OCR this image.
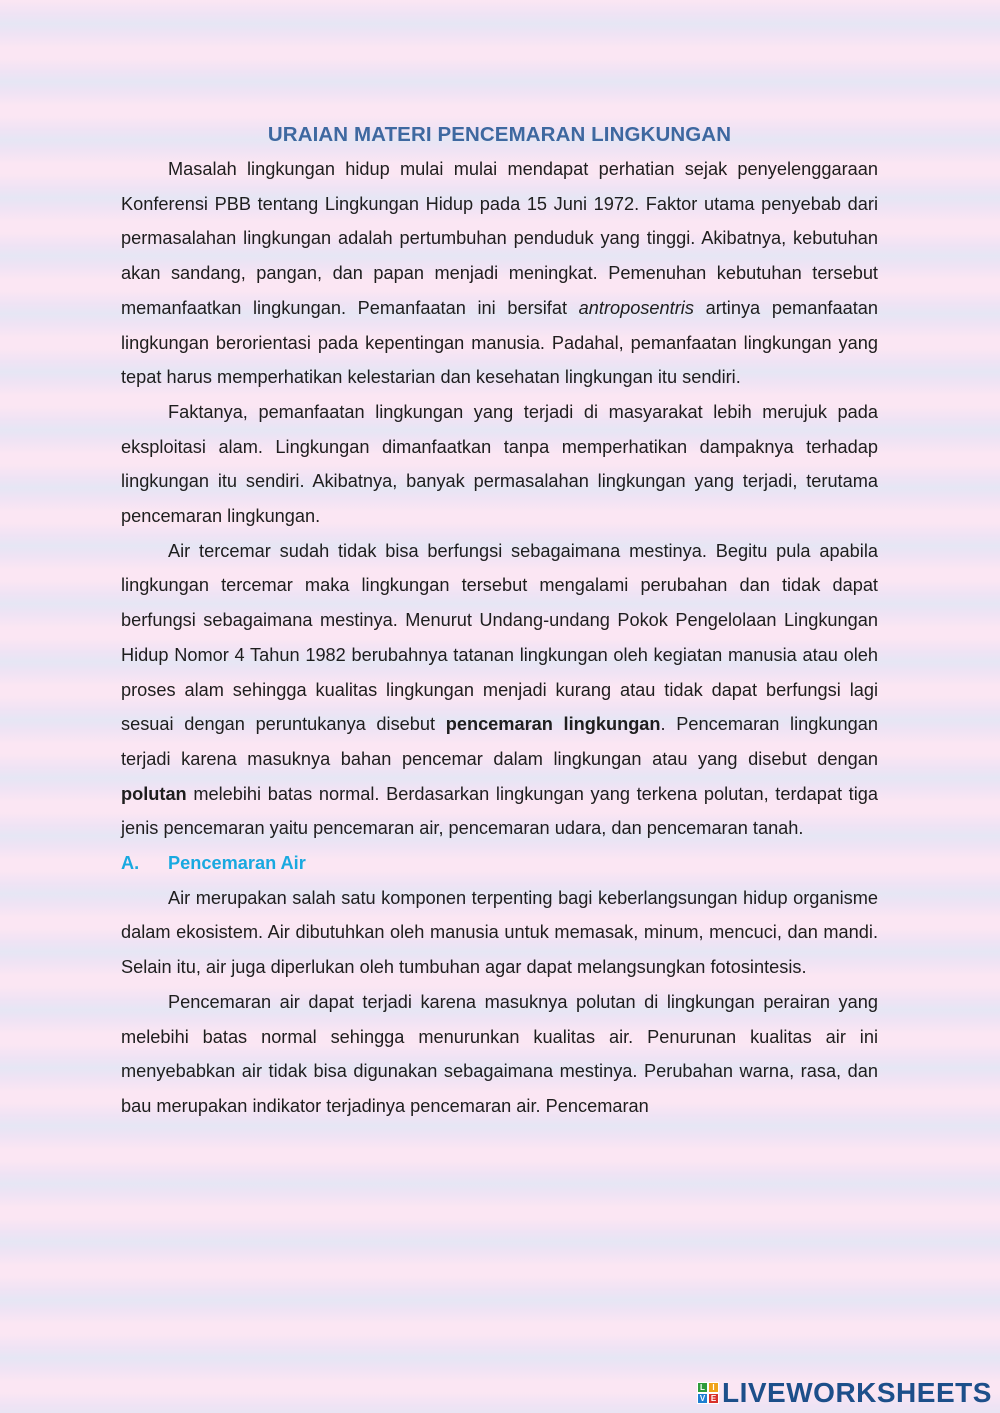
URAIAN MATERI PENCEMARAN LINGKUNGAN

Masalah lingkungan hidup mulai mulai mendapat perhatian sejak penyelenggaraan Konferensi PBB tentang Lingkungan Hidup pada 15 Juni 1972. Faktor utama penyebab dari permasalahan lingkungan adalah pertumbuhan penduduk yang tinggi. Akibatnya, kebutuhan akan sandang, pangan, dan papan menjadi meningkat. Pemenuhan kebutuhan tersebut memanfaatkan lingkungan. Pemanfaatan ini bersifat antroposentris artinya pemanfaatan lingkungan berorientasi pada kepentingan manusia. Padahal, pemanfaatan lingkungan yang tepat harus memperhatikan kelestarian dan kesehatan lingkungan itu sendiri.

Faktanya, pemanfaatan lingkungan yang terjadi di masyarakat lebih merujuk pada eksploitasi alam. Lingkungan dimanfaatkan tanpa memperhatikan dampaknya terhadap lingkungan itu sendiri. Akibatnya, banyak permasalahan lingkungan yang terjadi, terutama pencemaran lingkungan.

Air tercemar sudah tidak bisa berfungsi sebagaimana mestinya. Begitu pula apabila lingkungan tercemar maka lingkungan tersebut mengalami perubahan dan tidak dapat berfungsi sebagaimana mestinya. Menurut Undang-undang Pokok Pengelolaan Lingkungan Hidup Nomor 4 Tahun 1982 berubahnya tatanan lingkungan oleh kegiatan manusia atau oleh proses alam sehingga kualitas lingkungan menjadi kurang atau tidak dapat berfungsi lagi sesuai dengan peruntukanya disebut pencemaran lingkungan. Pencemaran lingkungan terjadi karena masuknya bahan pencemar dalam lingkungan atau yang disebut dengan polutan melebihi batas normal. Berdasarkan lingkungan yang terkena polutan, terdapat tiga jenis pencemaran yaitu pencemaran air, pencemaran udara, dan pencemaran tanah.

A.	Pencemaran Air

Air merupakan salah satu komponen terpenting bagi keberlangsungan hidup organisme dalam ekosistem. Air dibutuhkan oleh manusia untuk memasak, minum, mencuci, dan mandi. Selain itu, air juga diperlukan oleh tumbuhan agar dapat melangsungkan fotosintesis.

Pencemaran air dapat terjadi karena masuknya polutan di lingkungan perairan yang melebihi batas normal sehingga menurunkan kualitas air. Penurunan kualitas air ini menyebabkan air tidak bisa digunakan sebagaimana mestinya. Perubahan warna, rasa, dan bau merupakan indikator terjadinya pencemaran air. Pencemaran

L I
V E LIVEWORKSHEETS
